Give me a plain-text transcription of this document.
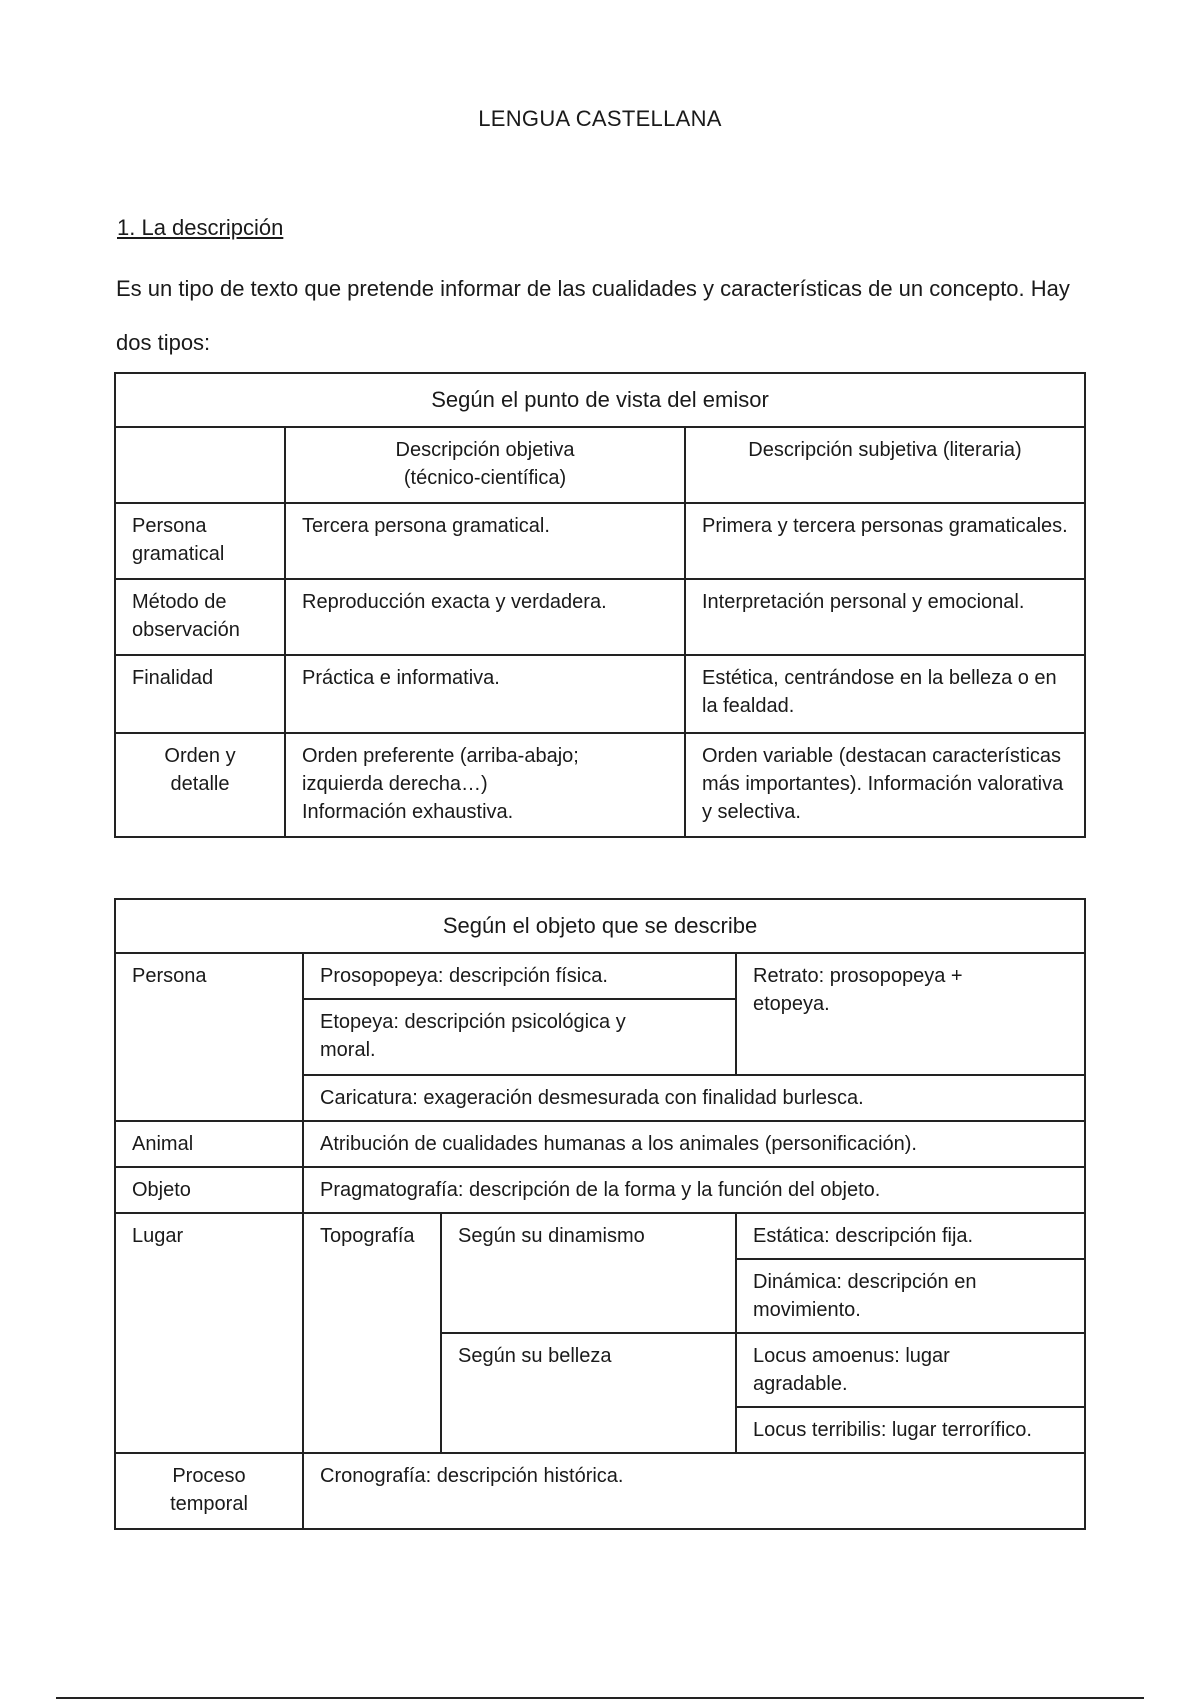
LENGUA CASTELLANA
1. La descripción
Es un tipo de texto que pretende informar de las cualidades y características de un concepto. Hay dos tipos:
Según el punto de vista del emisor		
	Descripción objetiva (técnico-científica)	Descripción subjetiva (literaria)
Persona gramatical	Tercera persona gramatical.	Primera y tercera personas gramaticales.
Método de observación	Reproducción exacta y verdadera.	Interpretación personal y emocional.
Finalidad	Práctica e informativa.	Estética, centrándose en la belleza o en la fealdad.
Orden y detalle	Orden preferente (arriba-abajo; izquierda derecha…) Información exhaustiva.	Orden variable (destacan características más importantes). Información valorativa y selectiva.
Según el objeto que se describe			
Persona	Prosopopeya: descripción física.		Retrato: prosopopeya + etopeya.
	Etopeya: descripción psicológica y moral.		
	Caricatura: exageración desmesurada con finalidad burlesca.		
Animal	Atribución de cualidades humanas a los animales (personificación).		
Objeto	Pragmatografía: descripción de la forma y la función del objeto.		
Lugar	Topografía	Según su dinamismo	Estática: descripción fija.
			Dinámica: descripción en movimiento.
		Según su belleza	Locus amoenus: lugar agradable.
			Locus terribilis: lugar terrorífico.
Proceso temporal	Cronografía: descripción histórica.		
